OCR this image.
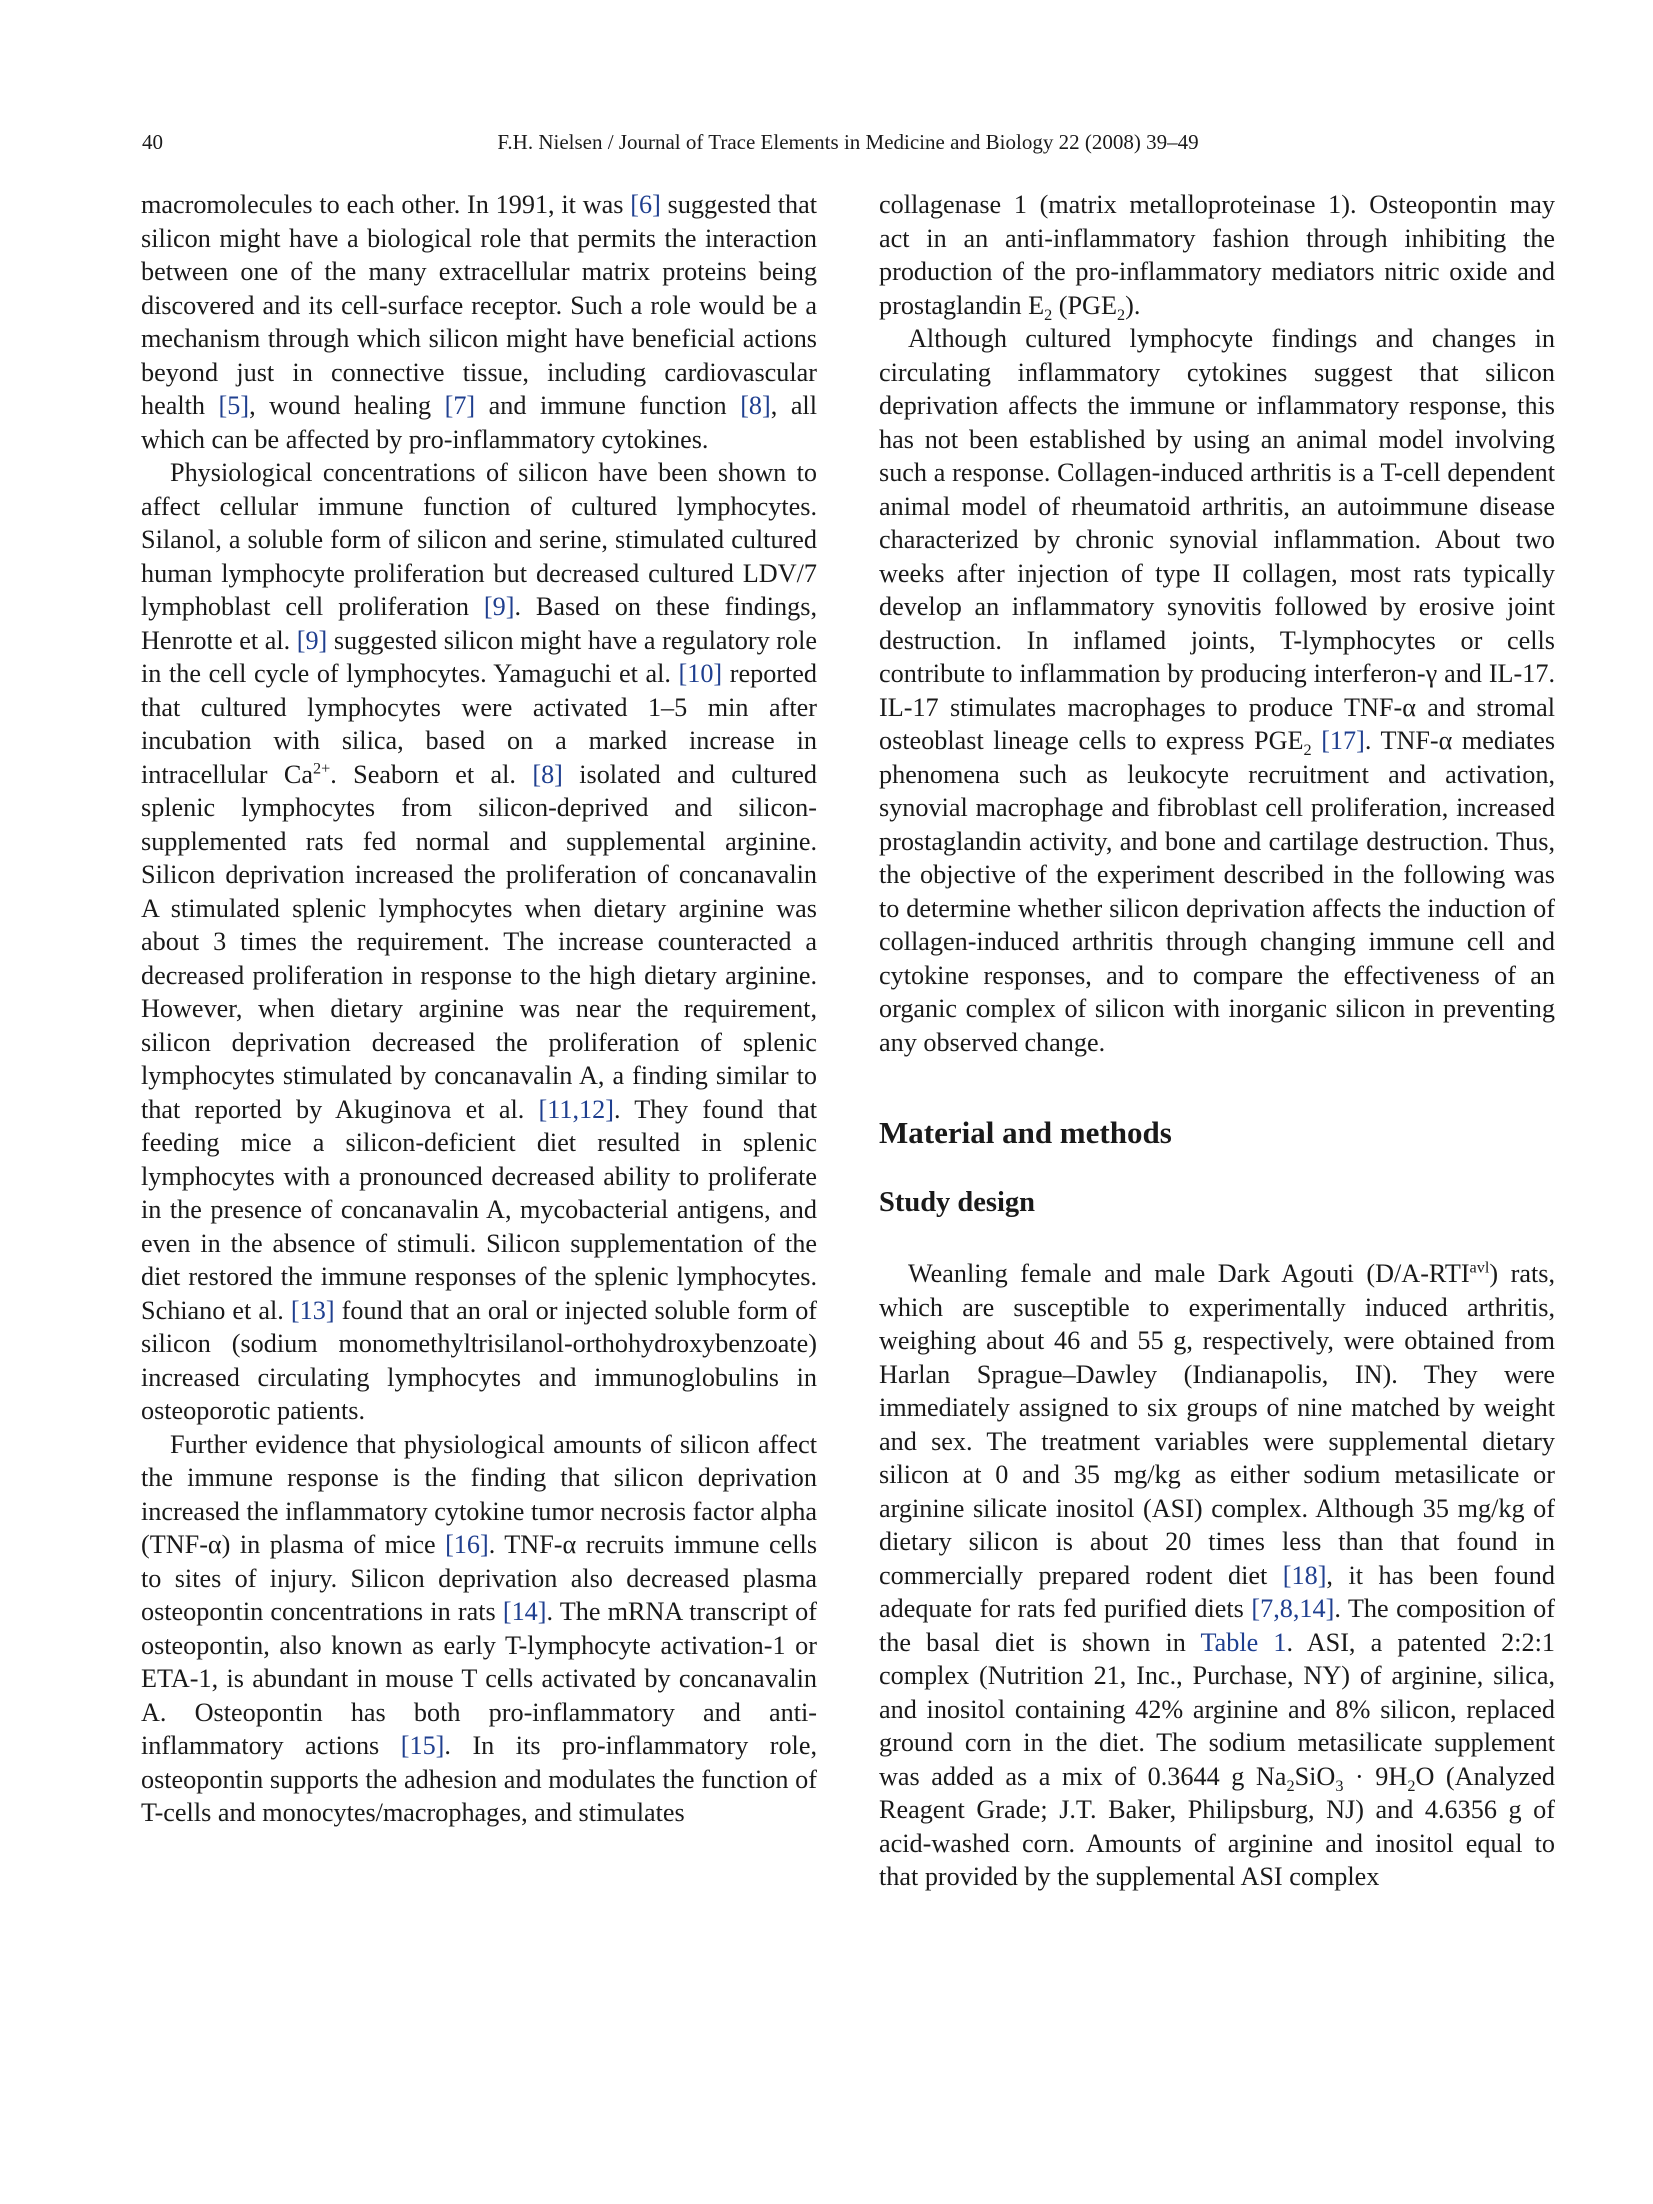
40	F.H. Nielsen / Journal of Trace Elements in Medicine and Biology 22 (2008) 39–49

macromolecules to each other. In 1991, it was [6] suggested that silicon might have a biological role that permits the interaction between one of the many extracellular matrix proteins being discovered and its cell-surface receptor. Such a role would be a mechanism through which silicon might have beneficial actions beyond just in connective tissue, including cardiovascular health [5], wound healing [7] and immune function [8], all which can be affected by pro-inflammatory cytokines.

Physiological concentrations of silicon have been shown to affect cellular immune function of cultured lymphocytes. Silanol, a soluble form of silicon and serine, stimulated cultured human lymphocyte proliferation but decreased cultured LDV/7 lymphoblast cell proliferation [9]. Based on these findings, Henrotte et al. [9] suggested silicon might have a regulatory role in the cell cycle of lymphocytes. Yamaguchi et al. [10] reported that cultured lymphocytes were activated 1–5 min after incubation with silica, based on a marked increase in intracellular $Ca^{2+}$. Seaborn et al. [8] isolated and cultured splenic lymphocytes from silicon-deprived and silicon-supplemented rats fed normal and supplemental arginine. Silicon deprivation increased the proliferation of concanavalin A stimulated splenic lymphocytes when dietary arginine was about 3 times the requirement. The increase counteracted a decreased proliferation in response to the high dietary arginine. However, when dietary arginine was near the requirement, silicon deprivation decreased the proliferation of splenic lymphocytes stimulated by concanavalin A, a finding similar to that reported by Akuginova et al. [11,12]. They found that feeding mice a silicon-deficient diet resulted in splenic lymphocytes with a pronounced decreased ability to proliferate in the presence of concanavalin A, mycobacterial antigens, and even in the absence of stimuli. Silicon supplementation of the diet restored the immune responses of the splenic lymphocytes. Schiano et al. [13] found that an oral or injected soluble form of silicon (sodium monomethyltrisilanol-orthohydroxybenzoate) increased circulating lymphocytes and immunoglobulins in osteoporotic patients.

Further evidence that physiological amounts of silicon affect the immune response is the finding that silicon deprivation increased the inflammatory cytokine tumor necrosis factor alpha (TNF-α) in plasma of mice [16]. TNF-α recruits immune cells to sites of injury. Silicon deprivation also decreased plasma osteopontin concentrations in rats [14]. The mRNA transcript of osteopontin, also known as early T-lymphocyte activation-1 or ETA-1, is abundant in mouse T cells activated by concanavalin A. Osteopontin has both pro-inflammatory and anti-inflammatory actions [15]. In its pro-inflammatory role, osteopontin supports the adhesion and modulates the function of T-cells and monocytes/macrophages, and stimulates

collagenase 1 (matrix metalloproteinase 1). Osteopontin may act in an anti-inflammatory fashion through inhibiting the production of the pro-inflammatory mediators nitric oxide and prostaglandin $E_2$ $(PGE_2)$.

Although cultured lymphocyte findings and changes in circulating inflammatory cytokines suggest that silicon deprivation affects the immune or inflammatory response, this has not been established by using an animal model involving such a response. Collagen-induced arthritis is a T-cell dependent animal model of rheumatoid arthritis, an autoimmune disease characterized by chronic synovial inflammation. About two weeks after injection of type II collagen, most rats typically develop an inflammatory synovitis followed by erosive joint destruction. In inflamed joints, T-lymphocytes or cells contribute to inflammation by producing interferon-γ and IL-17. IL-17 stimulates macrophages to produce TNF-α and stromal osteoblast lineage cells to express $PGE_2$ [17]. TNF-α mediates phenomena such as leukocyte recruitment and activation, synovial macrophage and fibroblast cell proliferation, increased prostaglandin activity, and bone and cartilage destruction. Thus, the objective of the experiment described in the following was to determine whether silicon deprivation affects the induction of collagen-induced arthritis through changing immune cell and cytokine responses, and to compare the effectiveness of an organic complex of silicon with inorganic silicon in preventing any observed change.

Material and methods
Study design

Weanling female and male Dark Agouti $(D/A-RTI^{avl})$ rats, which are susceptible to experimentally induced arthritis, weighing about 46 and 55 g, respectively, were obtained from Harlan Sprague–Dawley (Indianapolis, IN). They were immediately assigned to six groups of nine matched by weight and sex. The treatment variables were supplemental dietary silicon at 0 and 35 mg/kg as either sodium metasilicate or arginine silicate inositol (ASI) complex. Although 35 mg/kg of dietary silicon is about 20 times less than that found in commercially prepared rodent diet [18], it has been found adequate for rats fed purified diets [7,8,14]. The composition of the basal diet is shown in Table 1. ASI, a patented 2:2:1 complex (Nutrition 21, Inc., Purchase, NY) of arginine, silica, and inositol containing 42% arginine and 8% silicon, replaced ground corn in the diet. The sodium metasilicate supplement was added as a mix of 0.3644 g $Na_2SiO_3 \cdot 9H_2O$ (Analyzed Reagent Grade; J.T. Baker, Philipsburg, NJ) and 4.6356 g of acid-washed corn. Amounts of arginine and inositol equal to that provided by the supplemental ASI complex
